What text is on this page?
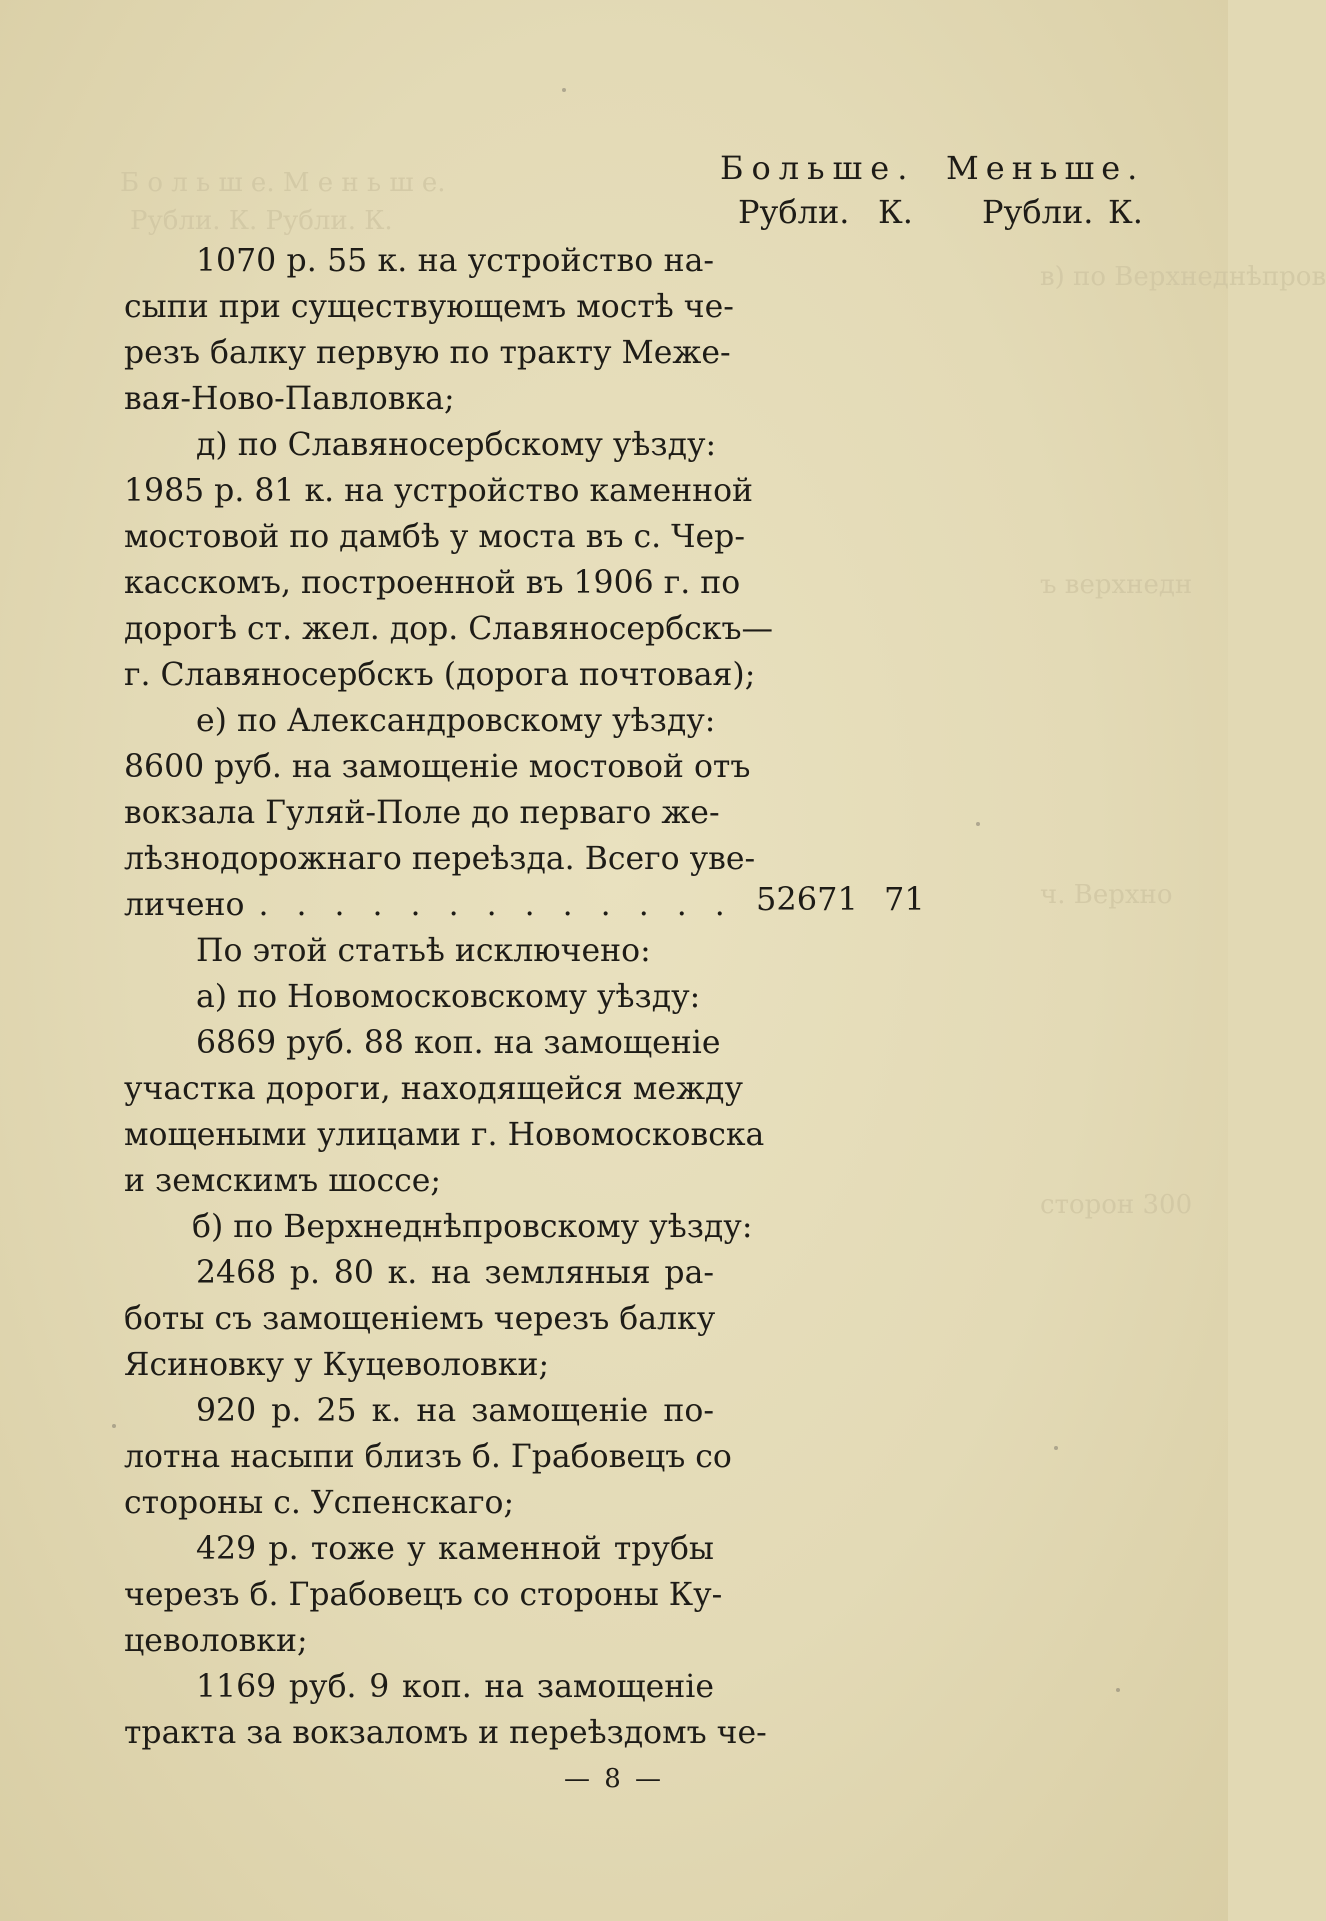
Б о л ь ш е. М е н ь ш е.
Рубли. К. Рубли. К.
в) по Верхнеднѣпров
ъ верхнедн
ч. Верхно
сторон 300
Больше. Меньше.
Рубли. К. Рубли. К.
1070 р. 55 к. на устройство на-
сыпи при существующемъ мостѣ че-
резъ балку первую по тракту Меже-
вая-Ново-Павловка;
д) по Славяносербскому уѣзду:
1985 р. 81 к. на устройство каменной
мостовой по дамбѣ у моста въ с. Чер-
касскомъ, построенной въ 1906 г. по
дорогѣ ст. жел. дор. Славяносербскъ—
г. Славяносербскъ (дорога почтовая);
е) по Александровскому уѣзду:
8600 руб. на замощеніе мостовой отъ
вокзала Гуляй-Поле до перваго же-
лѣзнодорожнаго переѣзда. Всего уве-
личено . . . . . . . . . . . . .
По этой статьѣ исключено:
а) по Новомосковскому уѣзду:
6869 руб. 88 коп. на замощеніе
участка дороги, находящейся между
мощеными улицами г. Новомосковска
и земскимъ шоссе;
б) по Верхнеднѣпровскому уѣзду:
2468 р. 80 к. на земляныя ра-
боты съ замощеніемъ черезъ балку
Ясиновку у Куцеволовки;
920 р. 25 к. на замощеніе по-
лотна насыпи близъ б. Грабовецъ со
стороны с. Успенскаго;
429 р. тоже у каменной трубы
черезъ б. Грабовецъ со стороны Ку-
цеволовки;
1169 руб. 9 коп. на замощеніе
тракта за вокзаломъ и переѣздомъ че-
52671 71
— 8 —
